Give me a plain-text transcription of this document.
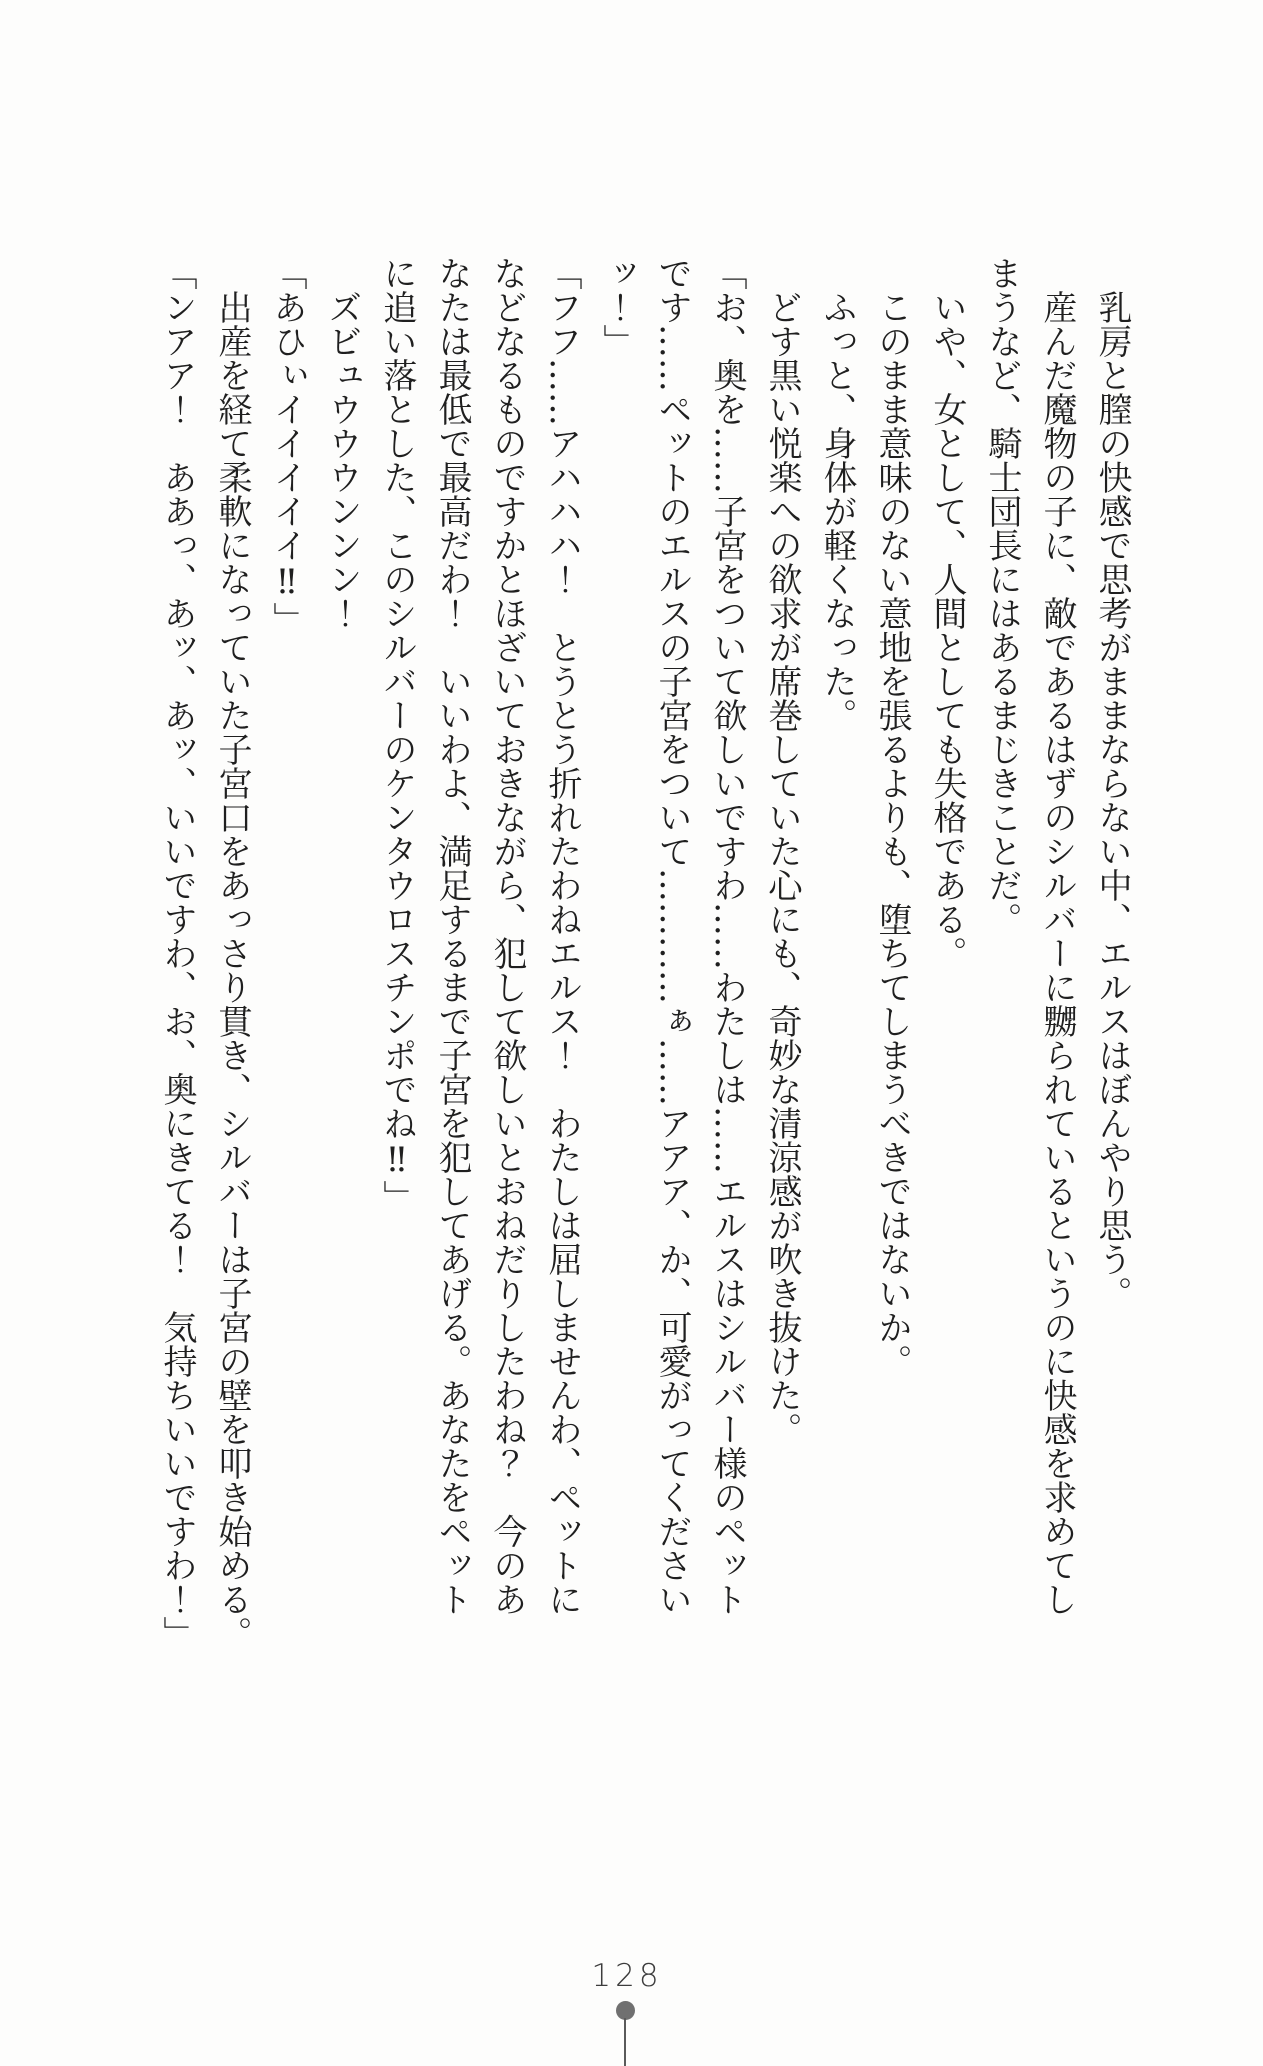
乳房と膣の快感で思考がままならない中、エルスはぼんやり思う。
産んだ魔物の子に、敵であるはずのシルバーに嬲られているというのに快感を求めてし
まうなど、騎士団長にはあるまじきことだ。
いや、女として、人間としても失格である。
このまま意味のない意地を張るよりも、堕ちてしまうべきではないか。
ふっと、身体が軽くなった。
どす黒い悦楽への欲求が席巻していた心にも、奇妙な清涼感が吹き抜けた。
「お、奥を……子宮をついて欲しいですわ……わたしは……エルスはシルバー様のペット
です……ペットのエルスの子宮をついて…………ぁ……アアア、か、可愛がってください
ッ！」
「フフ……アハハハ！　とうとう折れたわねエルス！　わたしは屈しませんわ、ペットに
などなるものですかとほざいておきながら、犯して欲しいとおねだりしたわね？　今のあ
なたは最低で最高だわ！　いいわよ、満足するまで子宮を犯してあげる。あなたをペット
に追い落とした、このシルバーのケンタウロスチンポでね‼」
ズビュウウウンンン！
「あひぃイイイイイ‼」
出産を経て柔軟になっていた子宮口をあっさり貫き、シルバーは子宮の壁を叩き始める。
「ンアア！　ああっ、あッ、あッ、いいですわ、お、奥にきてる！　気持ちいいですわ！」
128
